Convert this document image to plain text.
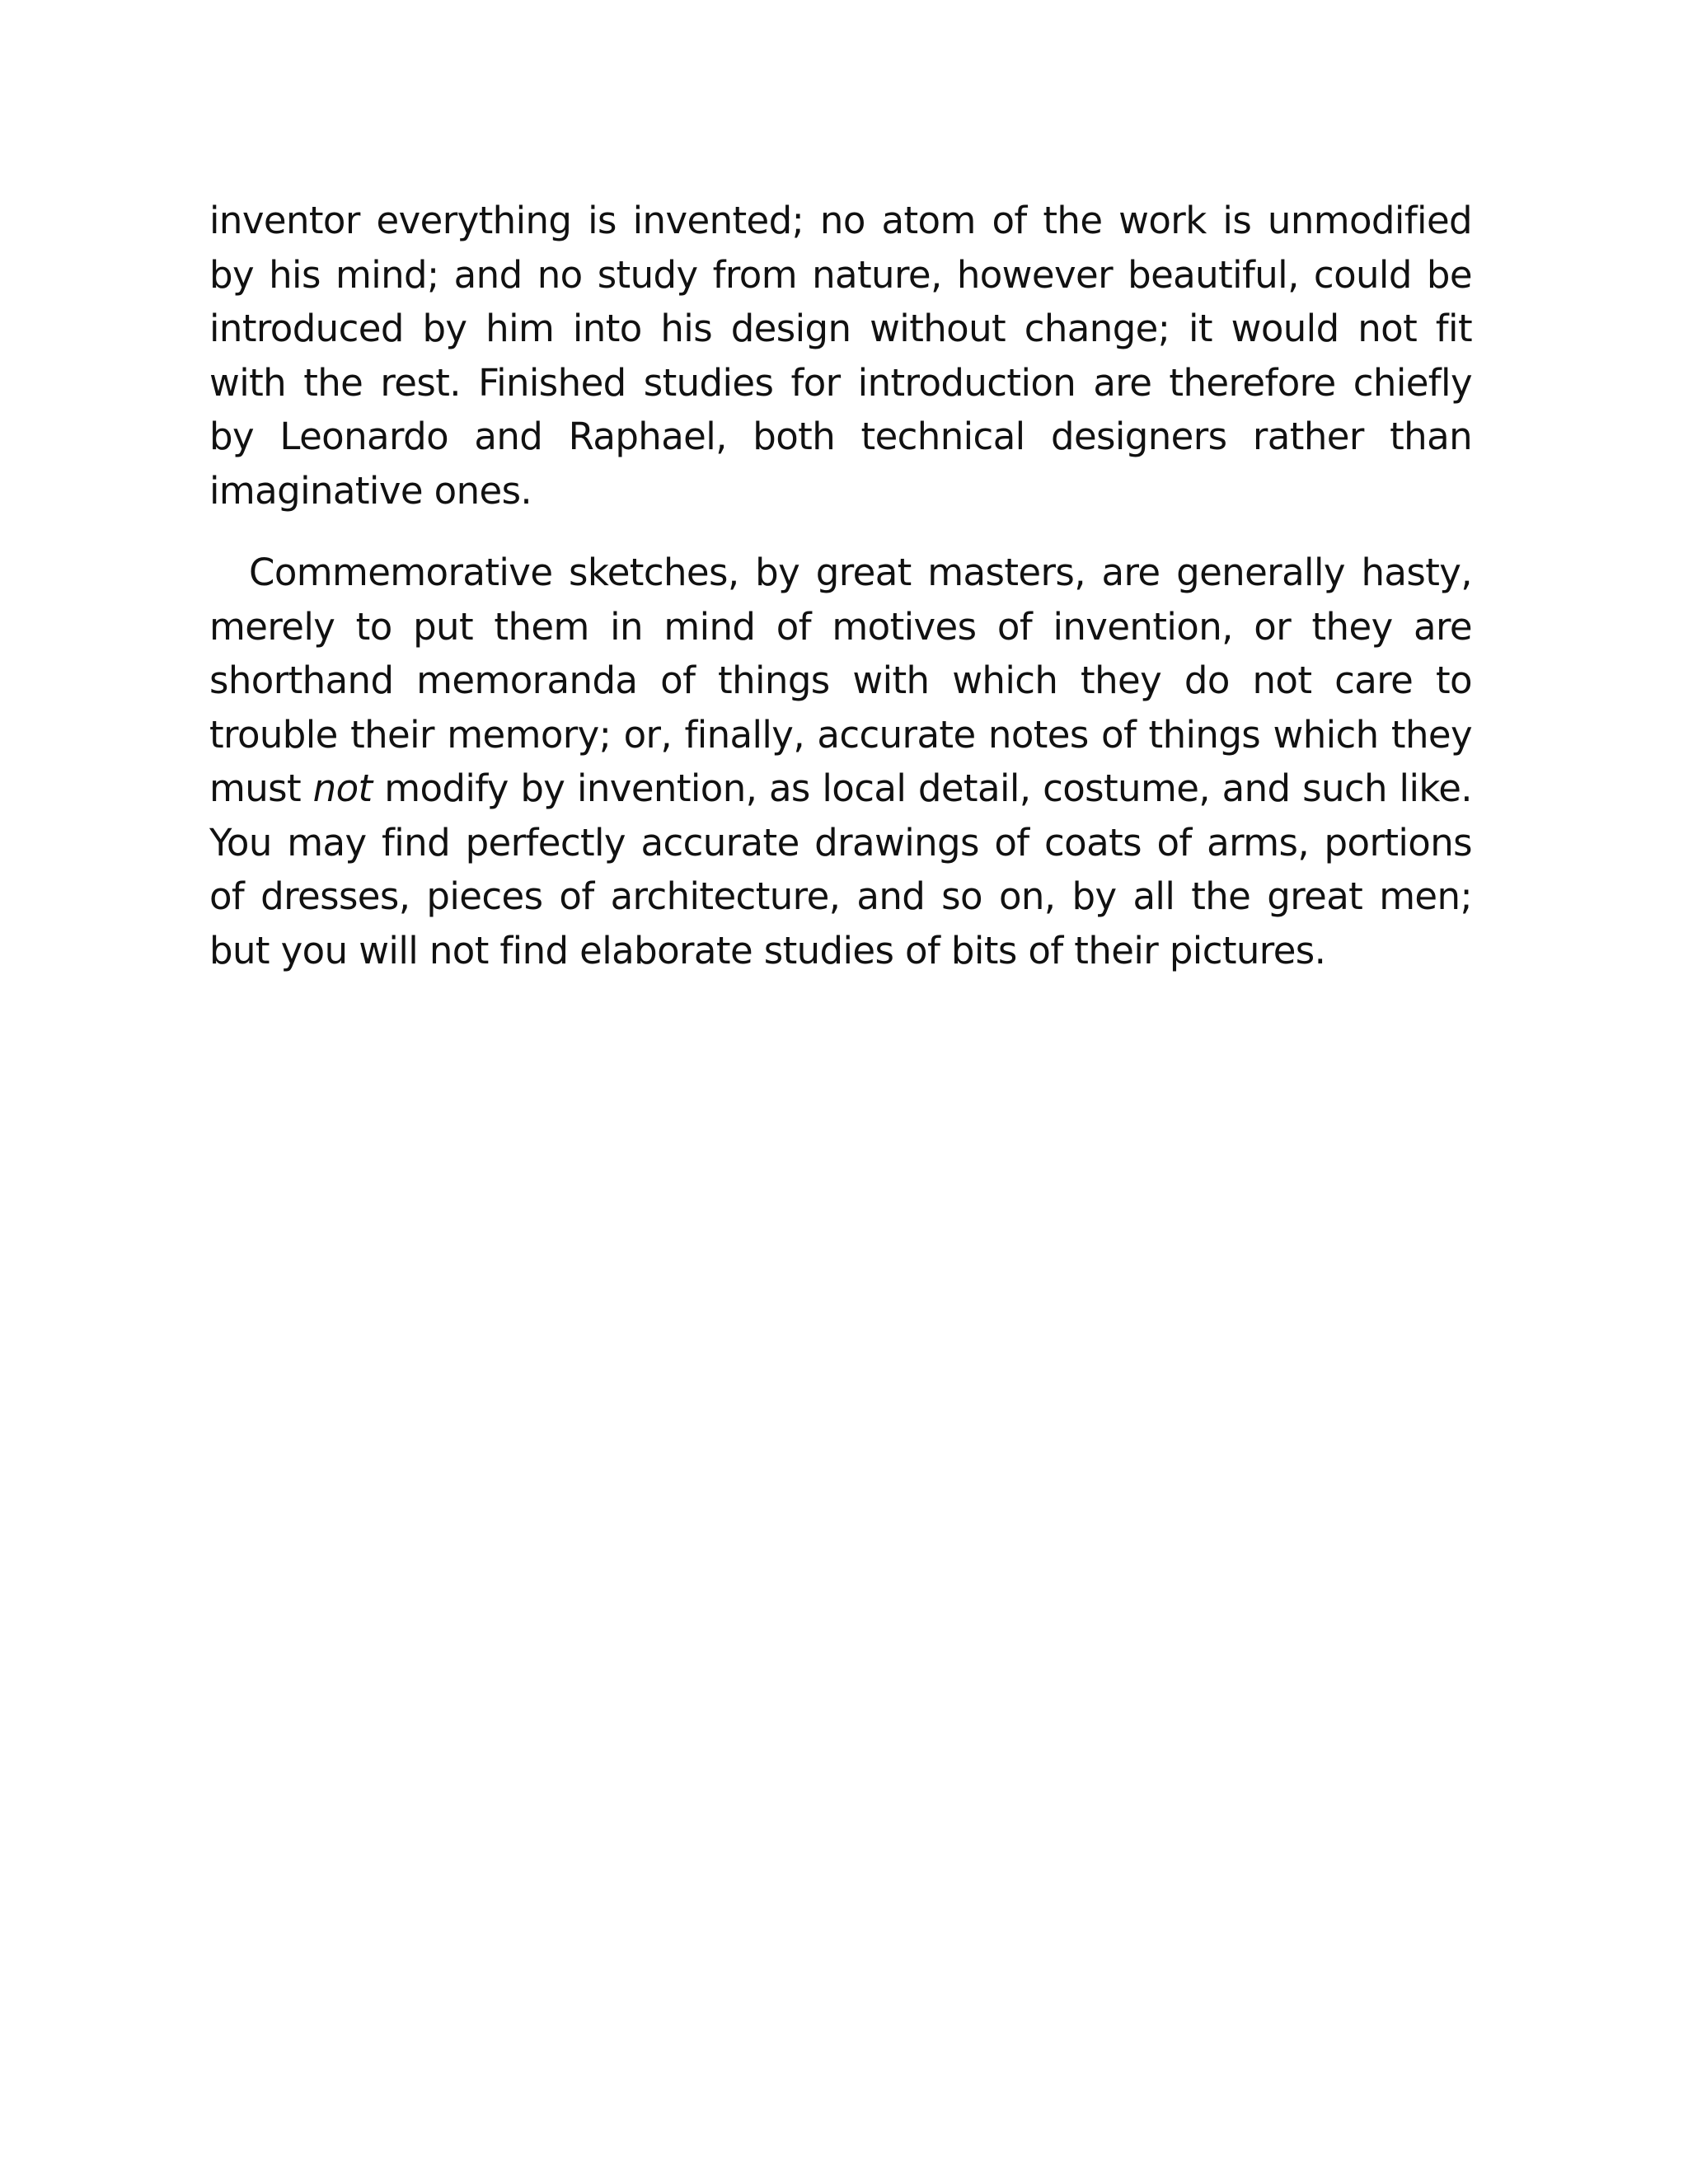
inventor everything is invented; no atom of the work is unmodified by his mind; and no study from nature, however beautiful, could be introduced by him into his design without change; it would not fit with the rest. Finished studies for introduction are therefore chiefly by Leonardo and Raphael, both technical designers rather than imaginative ones.

Commemorative sketches, by great masters, are generally hasty, merely to put them in mind of motives of invention, or they are shorthand memoranda of things with which they do not care to trouble their memory; or, finally, accurate notes of things which they must not modify by invention, as local detail, costume, and such like. You may find perfectly accurate drawings of coats of arms, portions of dresses, pieces of architecture, and so on, by all the great men; but you will not find elaborate studies of bits of their pictures.
